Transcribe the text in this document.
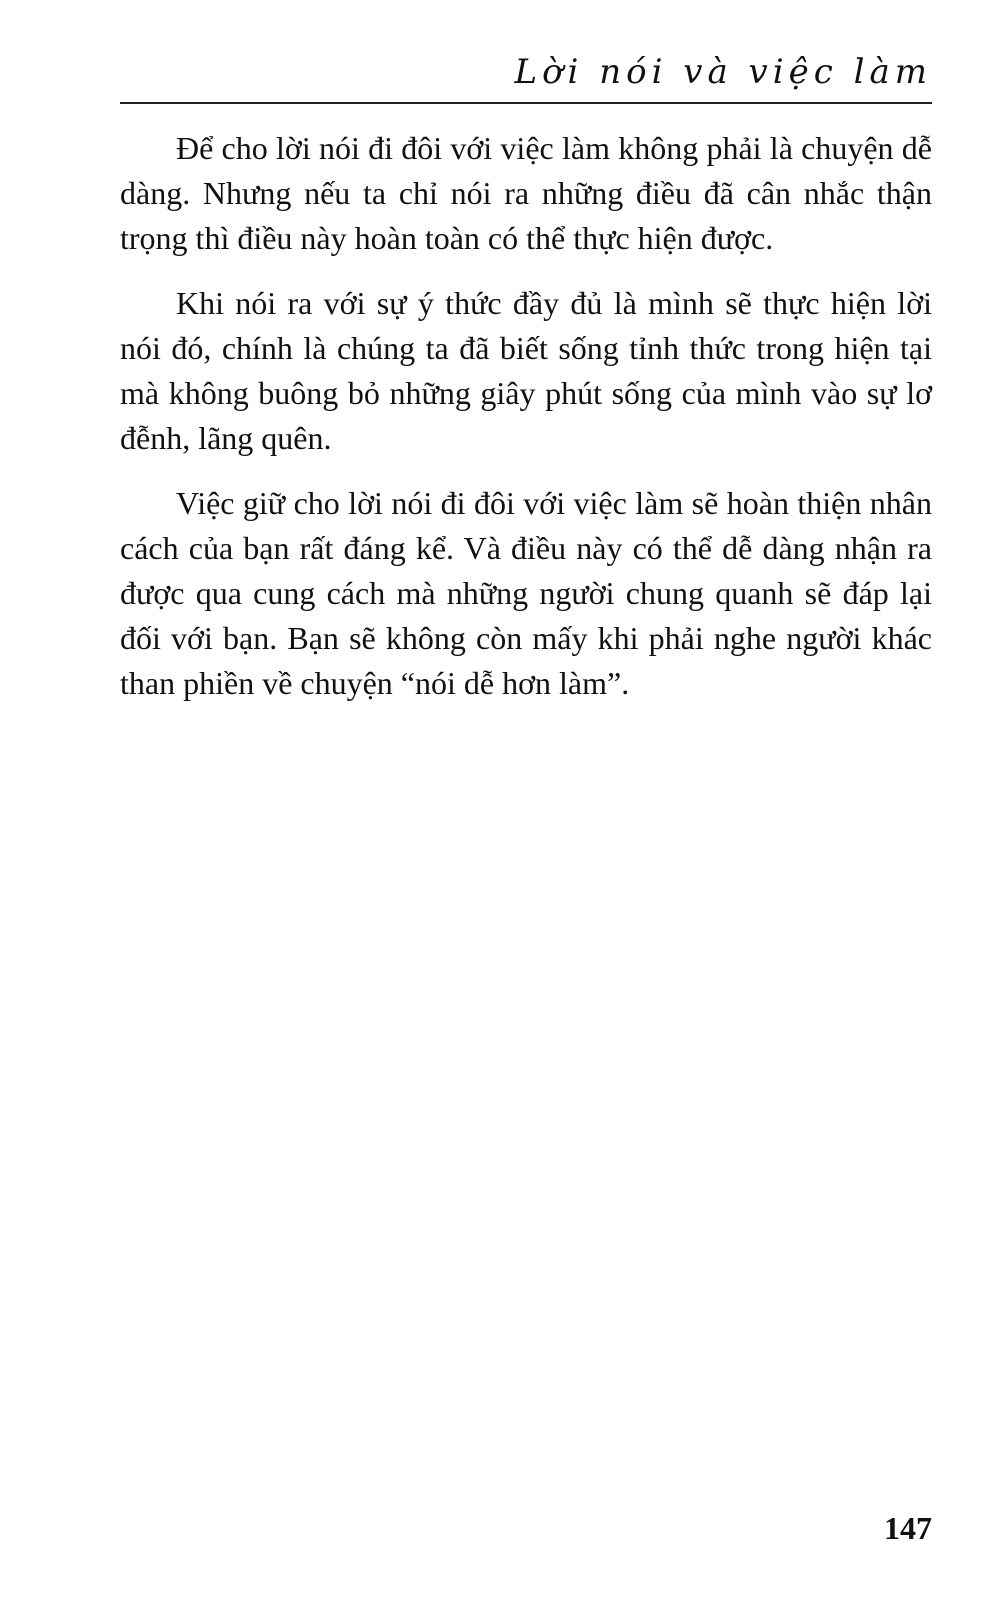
Lời nói và việc làm

Để cho lời nói đi đôi với việc làm không phải là chuyện dễ dàng. Nhưng nếu ta chỉ nói ra những điều đã cân nhắc thận trọng thì điều này hoàn toàn có thể thực hiện được.

Khi nói ra với sự ý thức đầy đủ là mình sẽ thực hiện lời nói đó, chính là chúng ta đã biết sống tỉnh thức trong hiện tại mà không buông bỏ những giây phút sống của mình vào sự lơ đễnh, lãng quên.

Việc giữ cho lời nói đi đôi với việc làm sẽ hoàn thiện nhân cách của bạn rất đáng kể. Và điều này có thể dễ dàng nhận ra được qua cung cách mà những người chung quanh sẽ đáp lại đối với bạn. Bạn sẽ không còn mấy khi phải nghe người khác than phiền về chuyện “nói dễ hơn làm”.

147
